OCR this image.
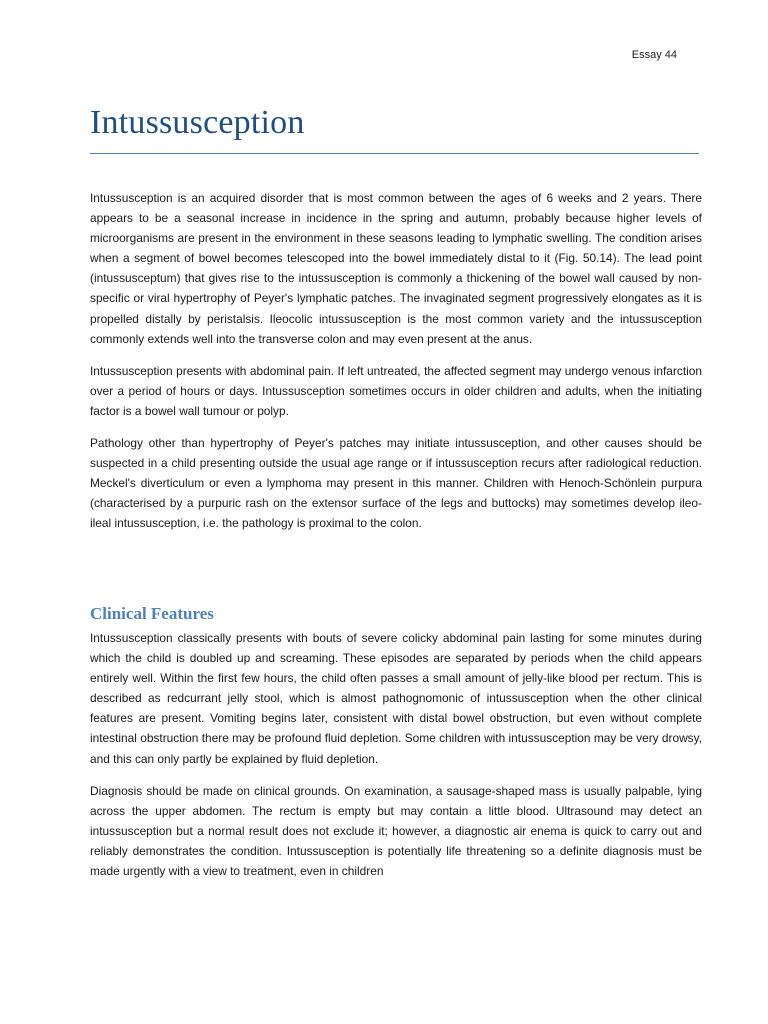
Essay 44
Intussusception

Intussusception is an acquired disorder that is most common between the ages of 6 weeks and 2 years. There appears to be a seasonal increase in incidence in the spring and autumn, probably because higher levels of microorganisms are present in the environment in these seasons leading to lymphatic swelling. The condition arises when a segment of bowel becomes telescoped into the bowel immediately distal to it (Fig. 50.14). The lead point (intussusceptum) that gives rise to the intussusception is commonly a thickening of the bowel wall caused by non-specific or viral hypertrophy of Peyer's lymphatic patches. The invaginated segment progressively elongates as it is propelled distally by peristalsis. Ileocolic intussusception is the most common variety and the intussusception commonly extends well into the transverse colon and may even present at the anus.

Intussusception presents with abdominal pain. If left untreated, the affected segment may undergo venous infarction over a period of hours or days. Intussusception sometimes occurs in older children and adults, when the initiating factor is a bowel wall tumour or polyp.

Pathology other than hypertrophy of Peyer's patches may initiate intussusception, and other causes should be suspected in a child presenting outside the usual age range or if intussusception recurs after radiological reduction. Meckel's diverticulum or even a lymphoma may present in this manner. Children with Henoch-Schönlein purpura (characterised by a purpuric rash on the extensor surface of the legs and buttocks) may sometimes develop ileo-ileal intussusception, i.e. the pathology is proximal to the colon.

Clinical Features

Intussusception classically presents with bouts of severe colicky abdominal pain lasting for some minutes during which the child is doubled up and screaming. These episodes are separated by periods when the child appears entirely well. Within the first few hours, the child often passes a small amount of jelly-like blood per rectum. This is described as redcurrant jelly stool, which is almost pathognomonic of intussusception when the other clinical features are present. Vomiting begins later, consistent with distal bowel obstruction, but even without complete intestinal obstruction there may be profound fluid depletion. Some children with intussusception may be very drowsy, and this can only partly be explained by fluid depletion.

Diagnosis should be made on clinical grounds. On examination, a sausage-shaped mass is usually palpable, lying across the upper abdomen. The rectum is empty but may contain a little blood. Ultrasound may detect an intussusception but a normal result does not exclude it; however, a diagnostic air enema is quick to carry out and reliably demonstrates the condition. Intussusception is potentially life threatening so a definite diagnosis must be made urgently with a view to treatment, even in children
